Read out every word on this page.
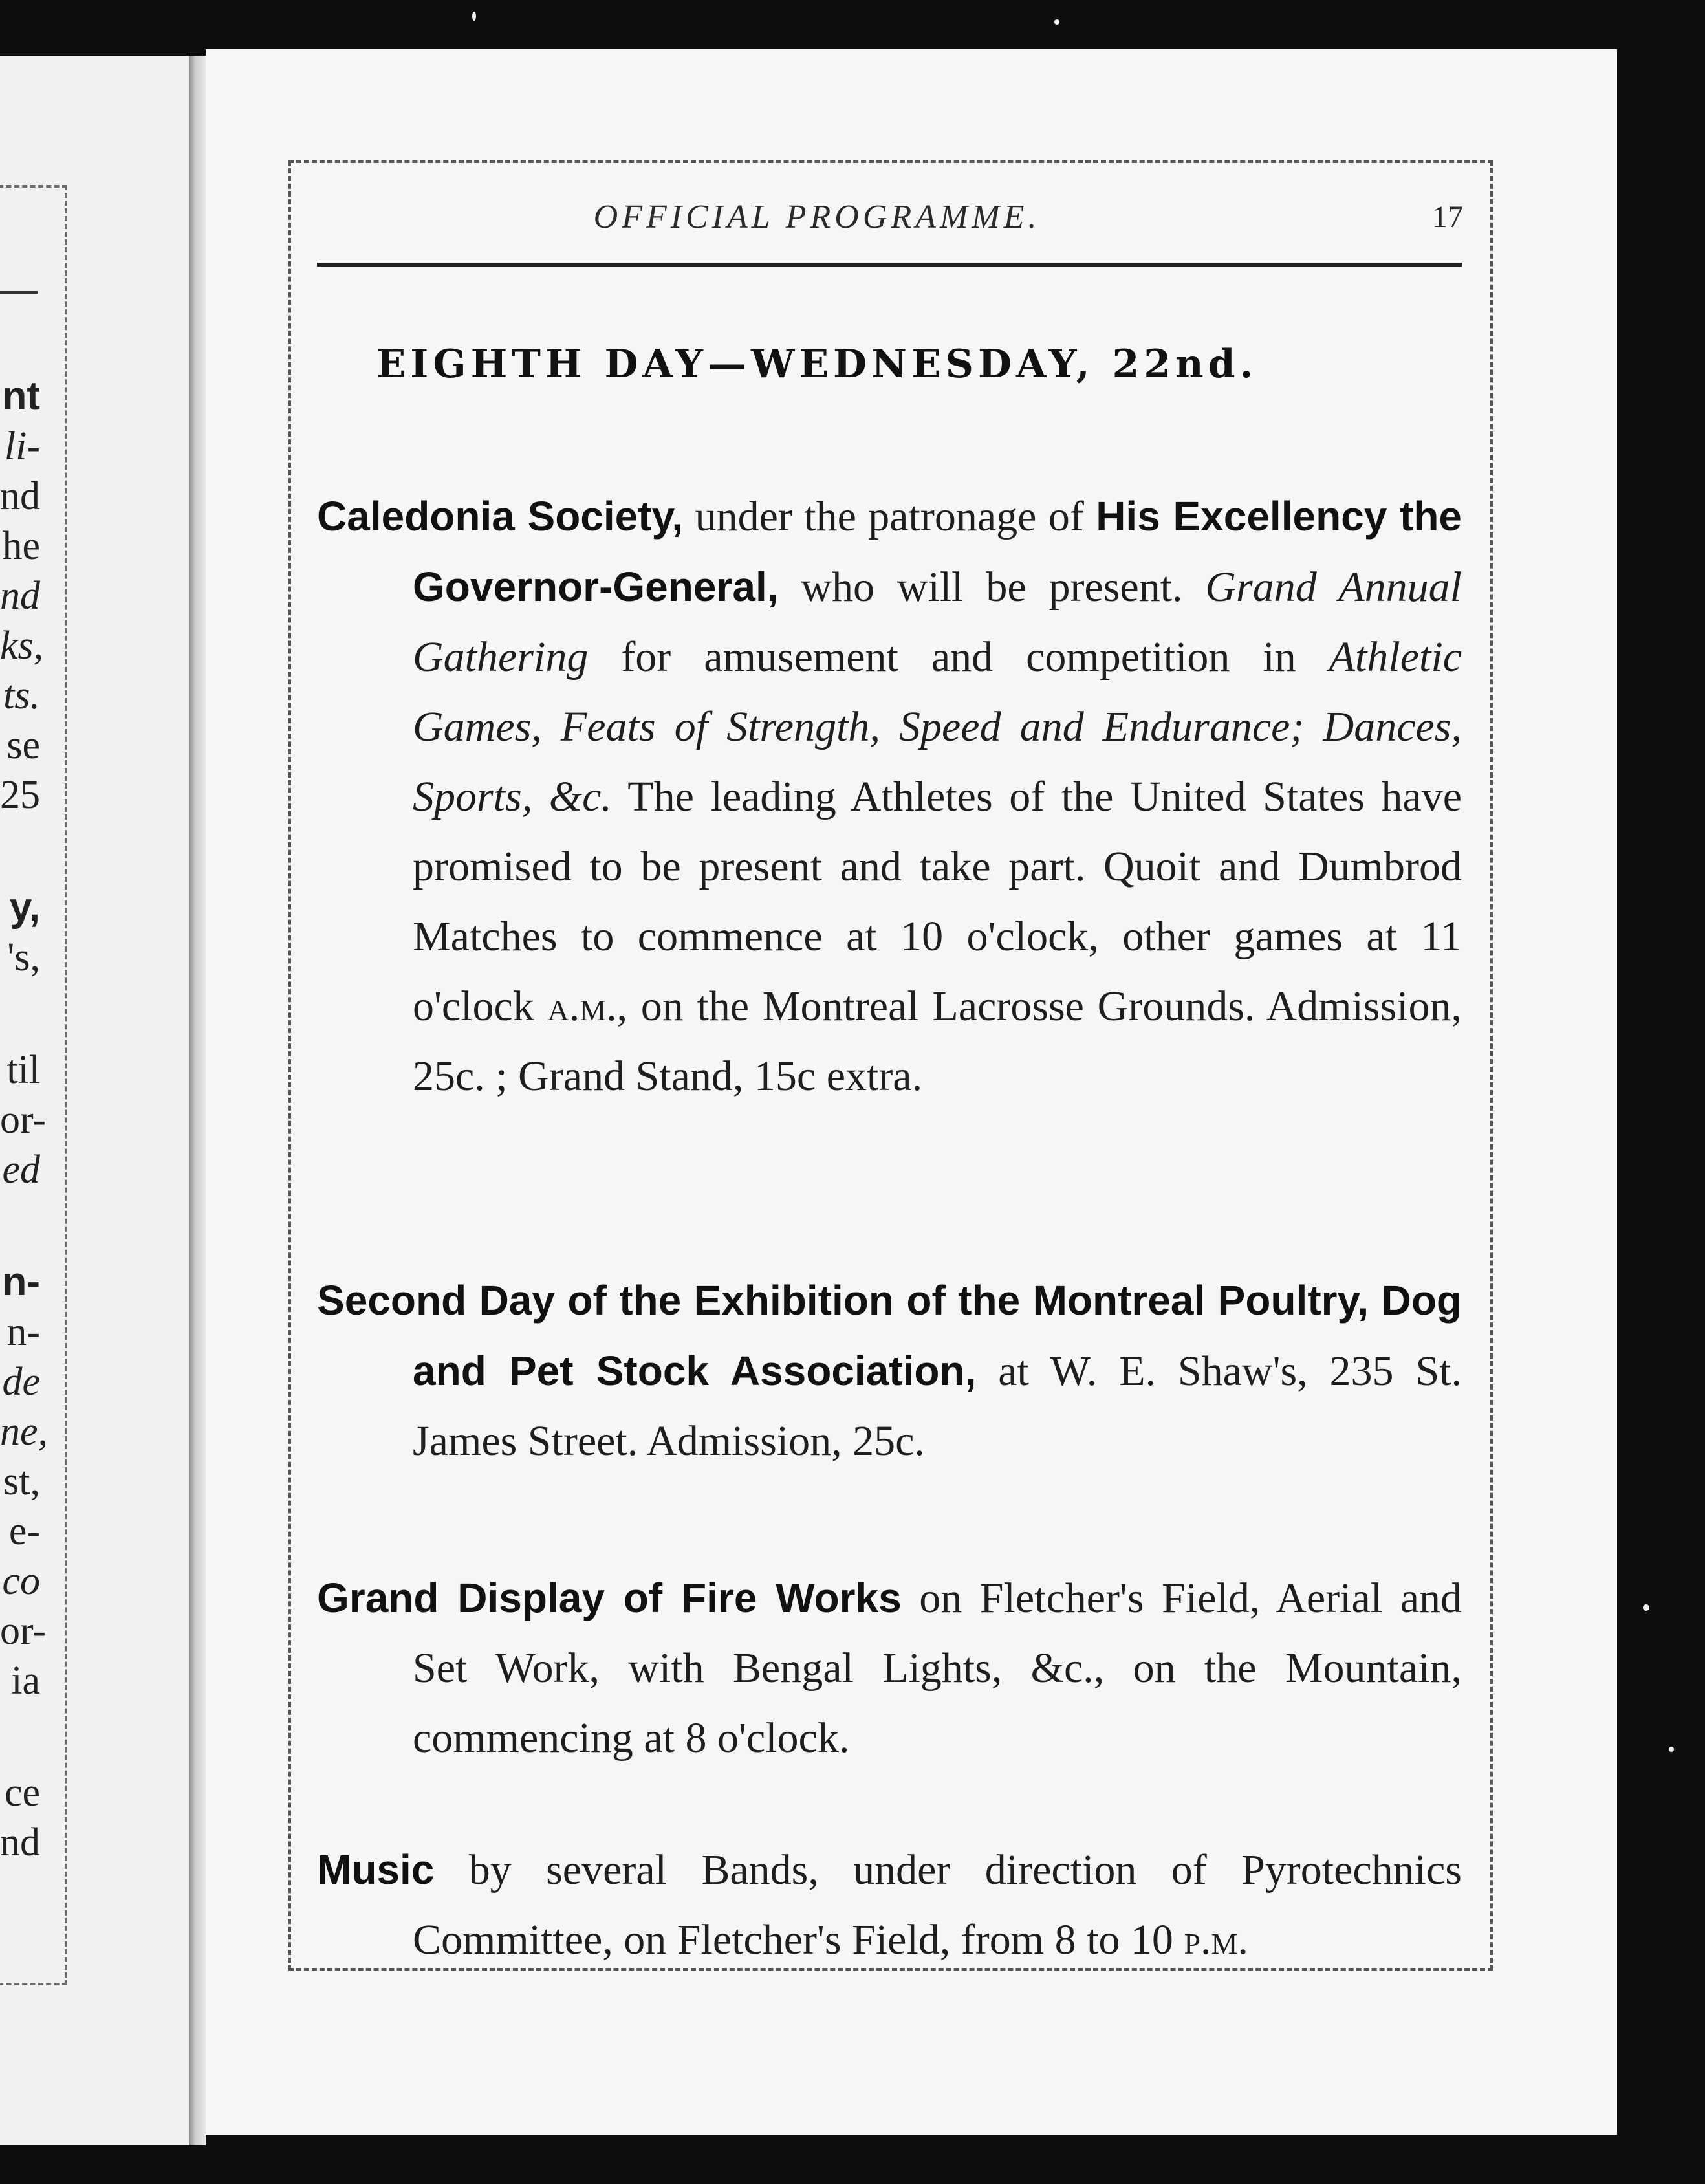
nt
li-
nd
he
nd
ks,
ts.
se
25
y,
's,
til
or-
ed
n-
n-
de
ne,
st,
e-
co
or-
ia
ce
nd
OFFICIAL PROGRAMME.	17
EIGHTH DAY—WEDNESDAY, 22nd.
Caledonia Society, under the patronage of His Excellency the Governor-General, who will be present. Grand Annual Gathering for amusement and competition in Athletic Games, Feats of Strength, Speed and Endurance; Dances, Sports, &c. The leading Athletes of the United States have promised to be present and take part. Quoit and Dumbrod Matches to commence at 10 o'clock, other games at 11 o'clock a.m., on the Montreal Lacrosse Grounds. Admission, 25c. ; Grand Stand, 15c extra.
Second Day of the Exhibition of the Montreal Poultry, Dog and Pet Stock Association, at W. E. Shaw's, 235 St. James Street. Admission, 25c.
Grand Display of Fire Works on Fletcher's Field, Aerial and Set Work, with Bengal Lights, &c., on the Mountain, commencing at 8 o'clock.
Music by several Bands, under direction of Pyrotechnics Committee, on Fletcher's Field, from 8 to 10 p.m.
